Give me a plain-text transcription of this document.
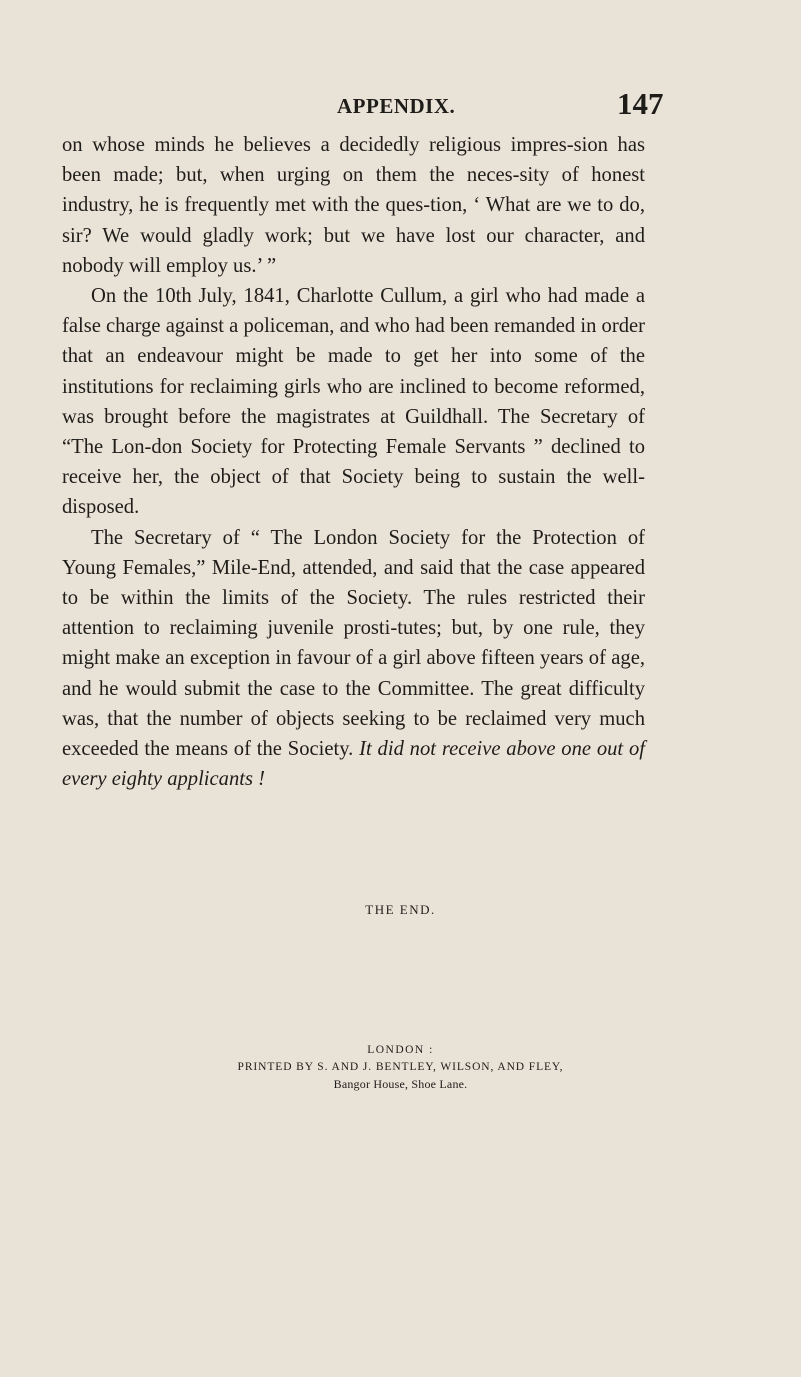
APPENDIX.	147

on whose minds he believes a decidedly religious impres-sion has been made; but, when urging on them the neces-sity of honest industry, he is frequently met with the ques-tion, ‘ What are we to do, sir? We would gladly work; but we have lost our character, and nobody will employ us.’ ”

On the 10th July, 1841, Charlotte Cullum, a girl who had made a false charge against a policeman, and who had been remanded in order that an endeavour might be made to get her into some of the institutions for reclaiming girls who are inclined to become reformed, was brought before the magistrates at Guildhall. The Secretary of “The Lon-don Society for Protecting Female Servants ” declined to receive her, the object of that Society being to sustain the well-disposed.

The Secretary of “ The London Society for the Protection of Young Females,” Mile-End, attended, and said that the case appeared to be within the limits of the Society. The rules restricted their attention to reclaiming juvenile prosti-tutes; but, by one rule, they might make an exception in favour of a girl above fifteen years of age, and he would submit the case to the Committee. The great difficulty was, that the number of objects seeking to be reclaimed very much exceeded the means of the Society. It did not receive above one out of every eighty applicants !

THE END.
LONDON :
PRINTED BY S. AND J. BENTLEY, WILSON, AND FLEY,
Bangor House, Shoe Lane.
